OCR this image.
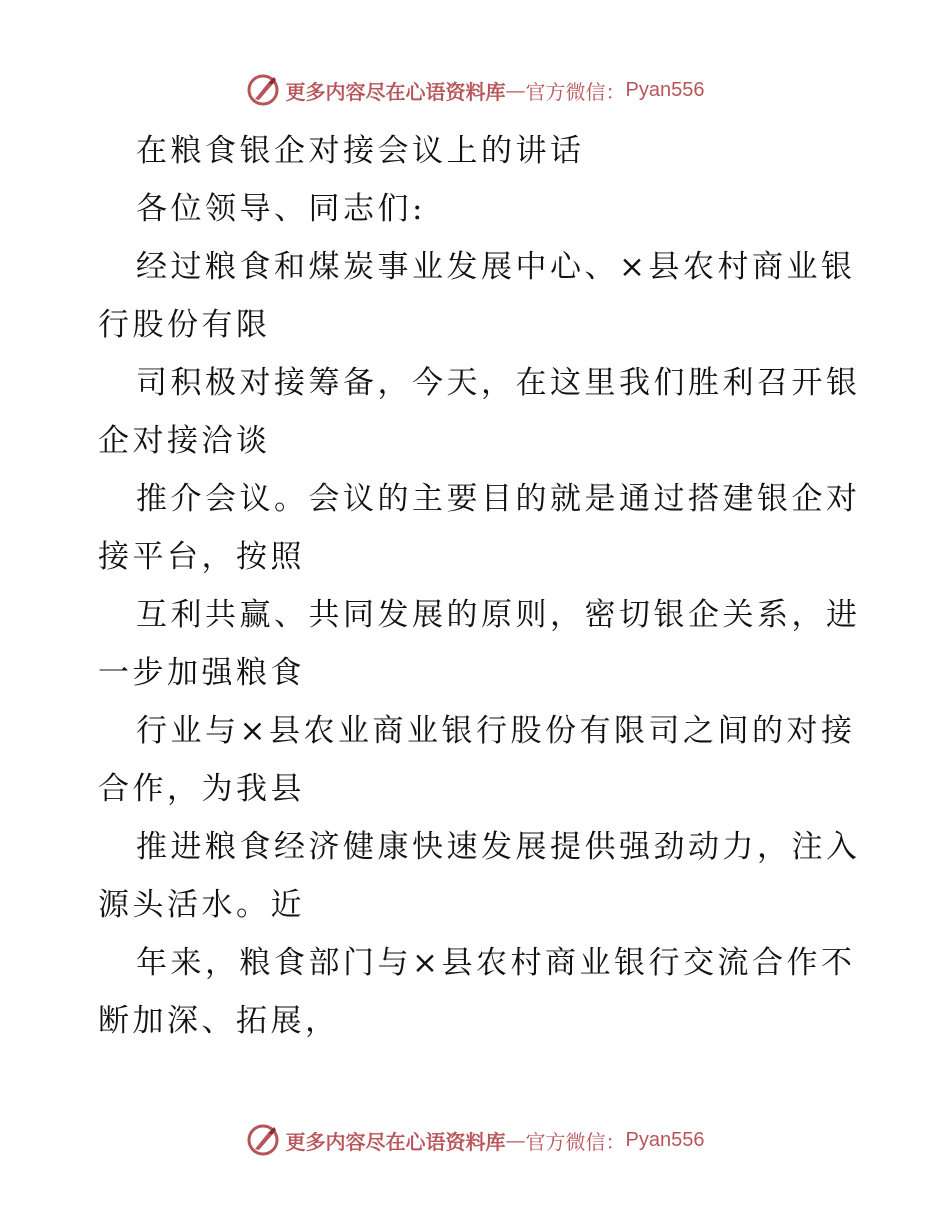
更多内容尽在心语资料库 — 官方微信： Pyan556

在粮食银企对接会议上的讲话

各位领导、同志们:

经过粮食和煤炭事业发展中心、×县农村商业银

行股份有限

司积极对接筹备，今天，在这里我们胜利召开银

企对接洽谈

推介会议。会议的主要目的就是通过搭建银企对

接平台，按照

互利共赢、共同发展的原则，密切银企关系，进

一步加强粮食

行业与×县农业商业银行股份有限司之间的对接

合作，为我县

推进粮食经济健康快速发展提供强劲动力，注入

源头活水。近

年来，粮食部门与×县农村商业银行交流合作不

断加深、拓展，

更多内容尽在心语资料库 — 官方微信： Pyan556
